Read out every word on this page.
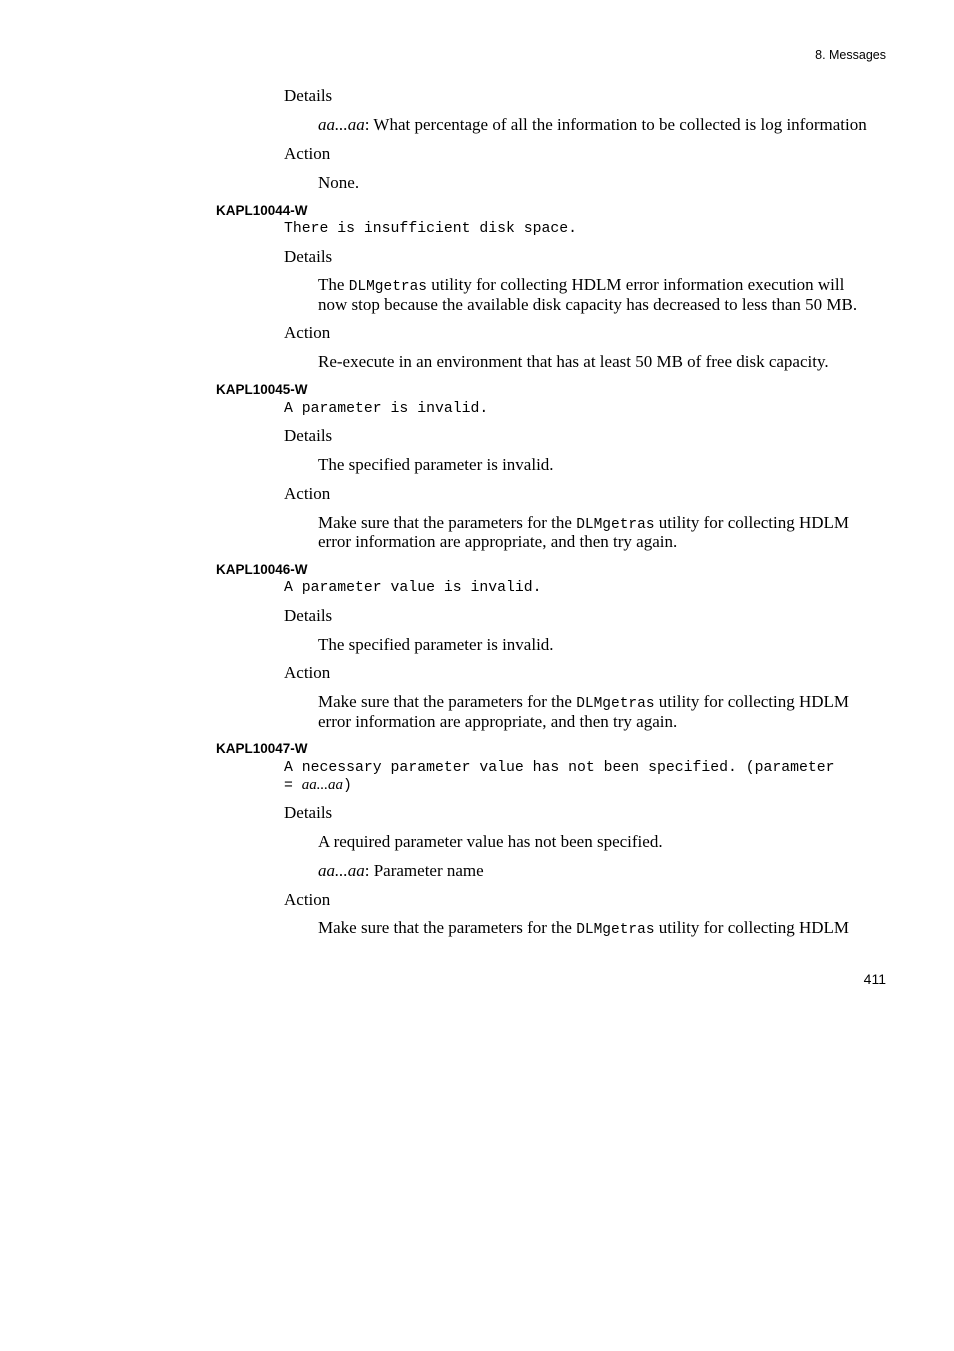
8. Messages
Details
aa...aa: What percentage of all the information to be collected is log information
Action
None.
KAPL10044-W
There is insufficient disk space.
Details
The DLMgetras utility for collecting HDLM error information execution will
now stop because the available disk capacity has decreased to less than 50 MB.
Action
Re-execute in an environment that has at least 50 MB of free disk capacity.
KAPL10045-W
A parameter is invalid.
Details
The specified parameter is invalid.
Action
Make sure that the parameters for the DLMgetras utility for collecting HDLM
error information are appropriate, and then try again.
KAPL10046-W
A parameter value is invalid.
Details
The specified parameter is invalid.
Action
Make sure that the parameters for the DLMgetras utility for collecting HDLM
error information are appropriate, and then try again.
KAPL10047-W
A necessary parameter value has not been specified. (parameter
= aa...aa)
Details
A required parameter value has not been specified.
aa...aa: Parameter name
Action
Make sure that the parameters for the DLMgetras utility for collecting HDLM
411
